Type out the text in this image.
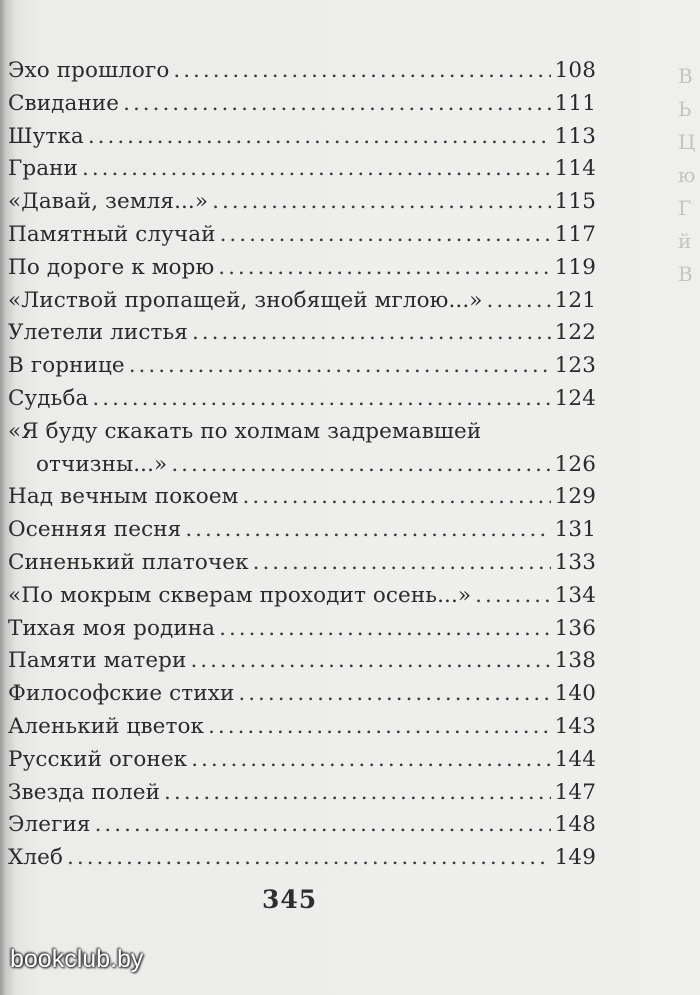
В
Ь
Ц
ю
Г
й
В
Эхо прошлого .....	108
Свидание .....	111
Шутка .....	113
Грани .....	114
«Давай, земля...» .....	115
Памятный случай .....	117
По дороге к морю .....	119
«Листвой пропащей, знобящей мглою...» .....	121
Улетели листья .....	122
В горнице .....	123
Судьба .....	124
«Я буду скакать по холмам задремавшей
отчизны...» .....	126
Над вечным покоем .....	129
Осенняя песня .....	131
Синенький платочек .....	133
«По мокрым скверам проходит осень...» .....	134
Тихая моя родина .....	136
Памяти матери .....	138
Философские стихи .....	140
Аленький цветок .....	143
Русский огонек .....	144
Звезда полей .....	147
Элегия .....	148
Хлеб .....	149
345
bookclub.by
